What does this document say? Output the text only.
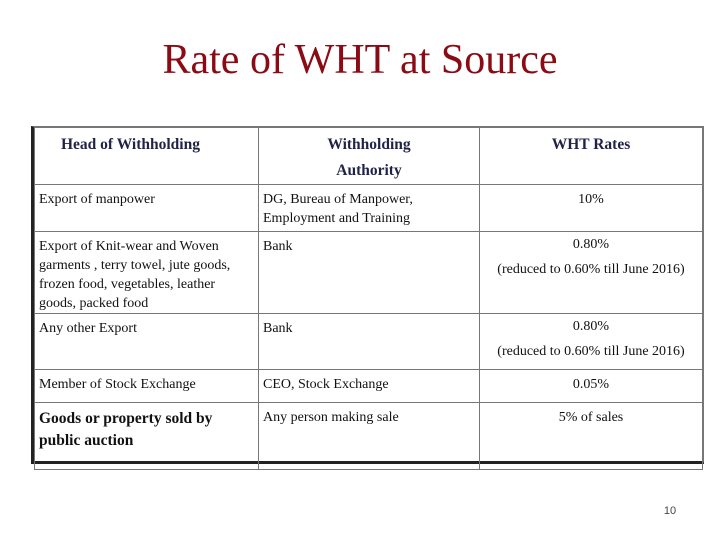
Rate of WHT at Source
Head of Withholding	Withholding Authority	WHT Rates
Export of manpower	DG, Bureau of Manpower, Employment and Training	10%

Export of Knit-wear and Woven garments , terry towel, jute goods, frozen food, vegetables, leather goods, packed food	Bank	0.80%
(reduced to 0.60% till June 2016)

Any other Export	Bank	0.80%
(reduced to 0.60% till June 2016)

Member of Stock Exchange	CEO, Stock Exchange	0.05%

Goods or property sold by public auction	Any person making sale	5% of sales
10
